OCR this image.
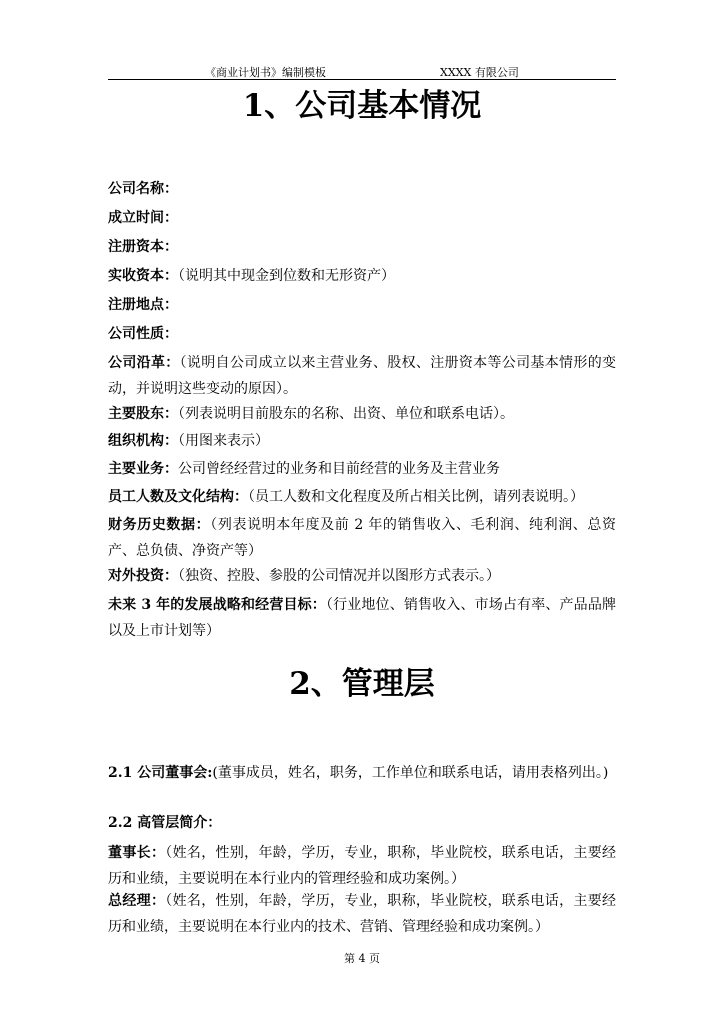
《商业计划书》编制模板	XXXX 有限公司
1、公司基本情况
公司名称：
成立时间：
注册资本：
实收资本：（说明其中现金到位数和无形资产）
注册地点：
公司性质：
公司沿革：（说明自公司成立以来主营业务、股权、注册资本等公司基本情形的变动，并说明这些变动的原因）。
主要股东：（列表说明目前股东的名称、出资、单位和联系电话）。
组织机构：（用图来表示）
主要业务：公司曾经经营过的业务和目前经营的业务及主营业务
员工人数及文化结构：（员工人数和文化程度及所占相关比例，请列表说明。）
财务历史数据：（列表说明本年度及前 2 年的销售收入、毛利润、纯利润、总资产、总负债、净资产等）
对外投资：（独资、控股、参股的公司情况并以图形方式表示。）
未来 3 年的发展战略和经营目标：（行业地位、销售收入、市场占有率、产品品牌以及上市计划等）
2、管理层
2.1 公司董事会:(董事成员，姓名，职务，工作单位和联系电话，请用表格列出。)
2.2 高管层简介：
董事长：（姓名，性别，年龄，学历，专业，职称，毕业院校，联系电话，主要经历和业绩，主要说明在本行业内的管理经验和成功案例。）
总经理：（姓名，性别，年龄，学历，专业，职称，毕业院校，联系电话，主要经历和业绩，主要说明在本行业内的技术、营销、管理经验和成功案例。）
第 4 页
